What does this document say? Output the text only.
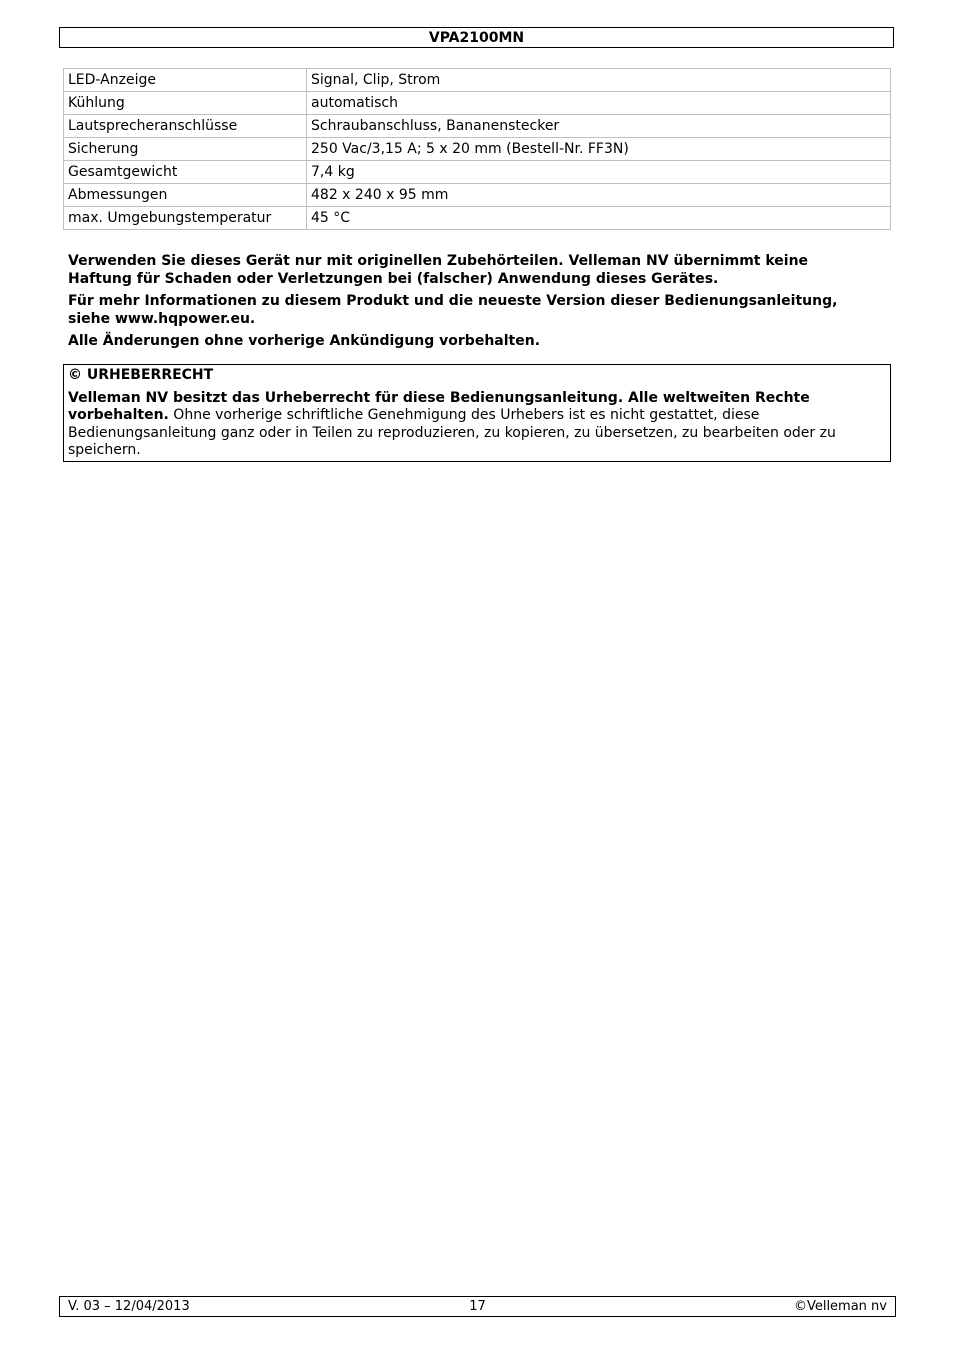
VPA2100MN
LED-Anzeige	Signal, Clip, Strom
Kühlung	automatisch
Lautsprecheranschlüsse	Schraubanschluss, Bananenstecker
Sicherung	250 Vac/3,15 A; 5 x 20 mm (Bestell-Nr. FF3N)
Gesamtgewicht	7,4 kg
Abmessungen	482 x 240 x 95 mm
max. Umgebungstemperatur	45 °C

Verwenden Sie dieses Gerät nur mit originellen Zubehörteilen. Velleman NV übernimmt keine Haftung für Schaden oder Verletzungen bei (falscher) Anwendung dieses Gerätes.

Für mehr Informationen zu diesem Produkt und die neueste Version dieser Bedienungsanleitung, siehe www.hqpower.eu.

Alle Änderungen ohne vorherige Ankündigung vorbehalten.

© URHEBERRECHT
Velleman NV besitzt das Urheberrecht für diese Bedienungsanleitung. Alle weltweiten Rechte vorbehalten. Ohne vorherige schriftliche Genehmigung des Urhebers ist es nicht gestattet, diese Bedienungsanleitung ganz oder in Teilen zu reproduzieren, zu kopieren, zu übersetzen, zu bearbeiten oder zu speichern.
V. 03 – 12/04/2013	17	©Velleman nv
